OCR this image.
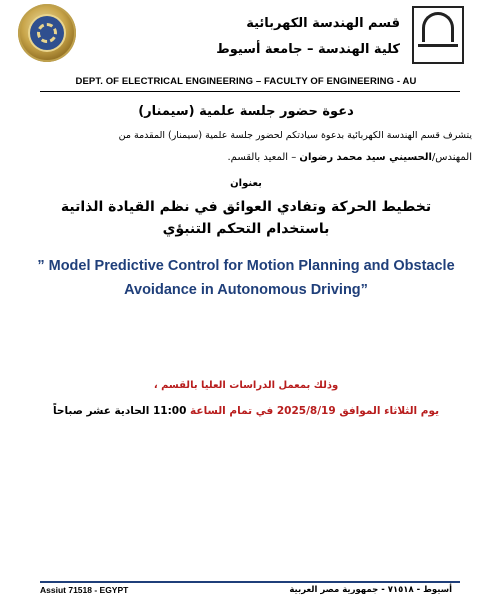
قسم الهندسة الكهربائية
كلية الهندسة – جامعة أسيوط
DEPT. OF ELECTRICAL ENGINEERING – FACULTY OF ENGINEERING - AU
دعوة حضور جلسة علمية (سيمنار)
يتشرف قسم الهندسة الكهربائية بدعوة سيادتكم لحضور جلسة علمية (سيمنار) المقدمة من
المهندس/الحسيني سيد محمد رضوان – المعيد بالقسم.
بعنوان
تخطيط الحركة وتفادي العوائق في نظم القيادة الذاتية باستخدام التحكم التنبؤي
” Model Predictive Control for Motion Planning and Obstacle Avoidance in Autonomous Driving”
وذلك بمعمل الدراسات العليا بالقسم ،
يوم الثلاثاء الموافق 2025/8/19 في تمام الساعة 11:00 الحادية عشر صباحاً
Assiut 71518 - EGYPT	أسيوط - ٧١٥١٨ - جمهورية مصر العربية
